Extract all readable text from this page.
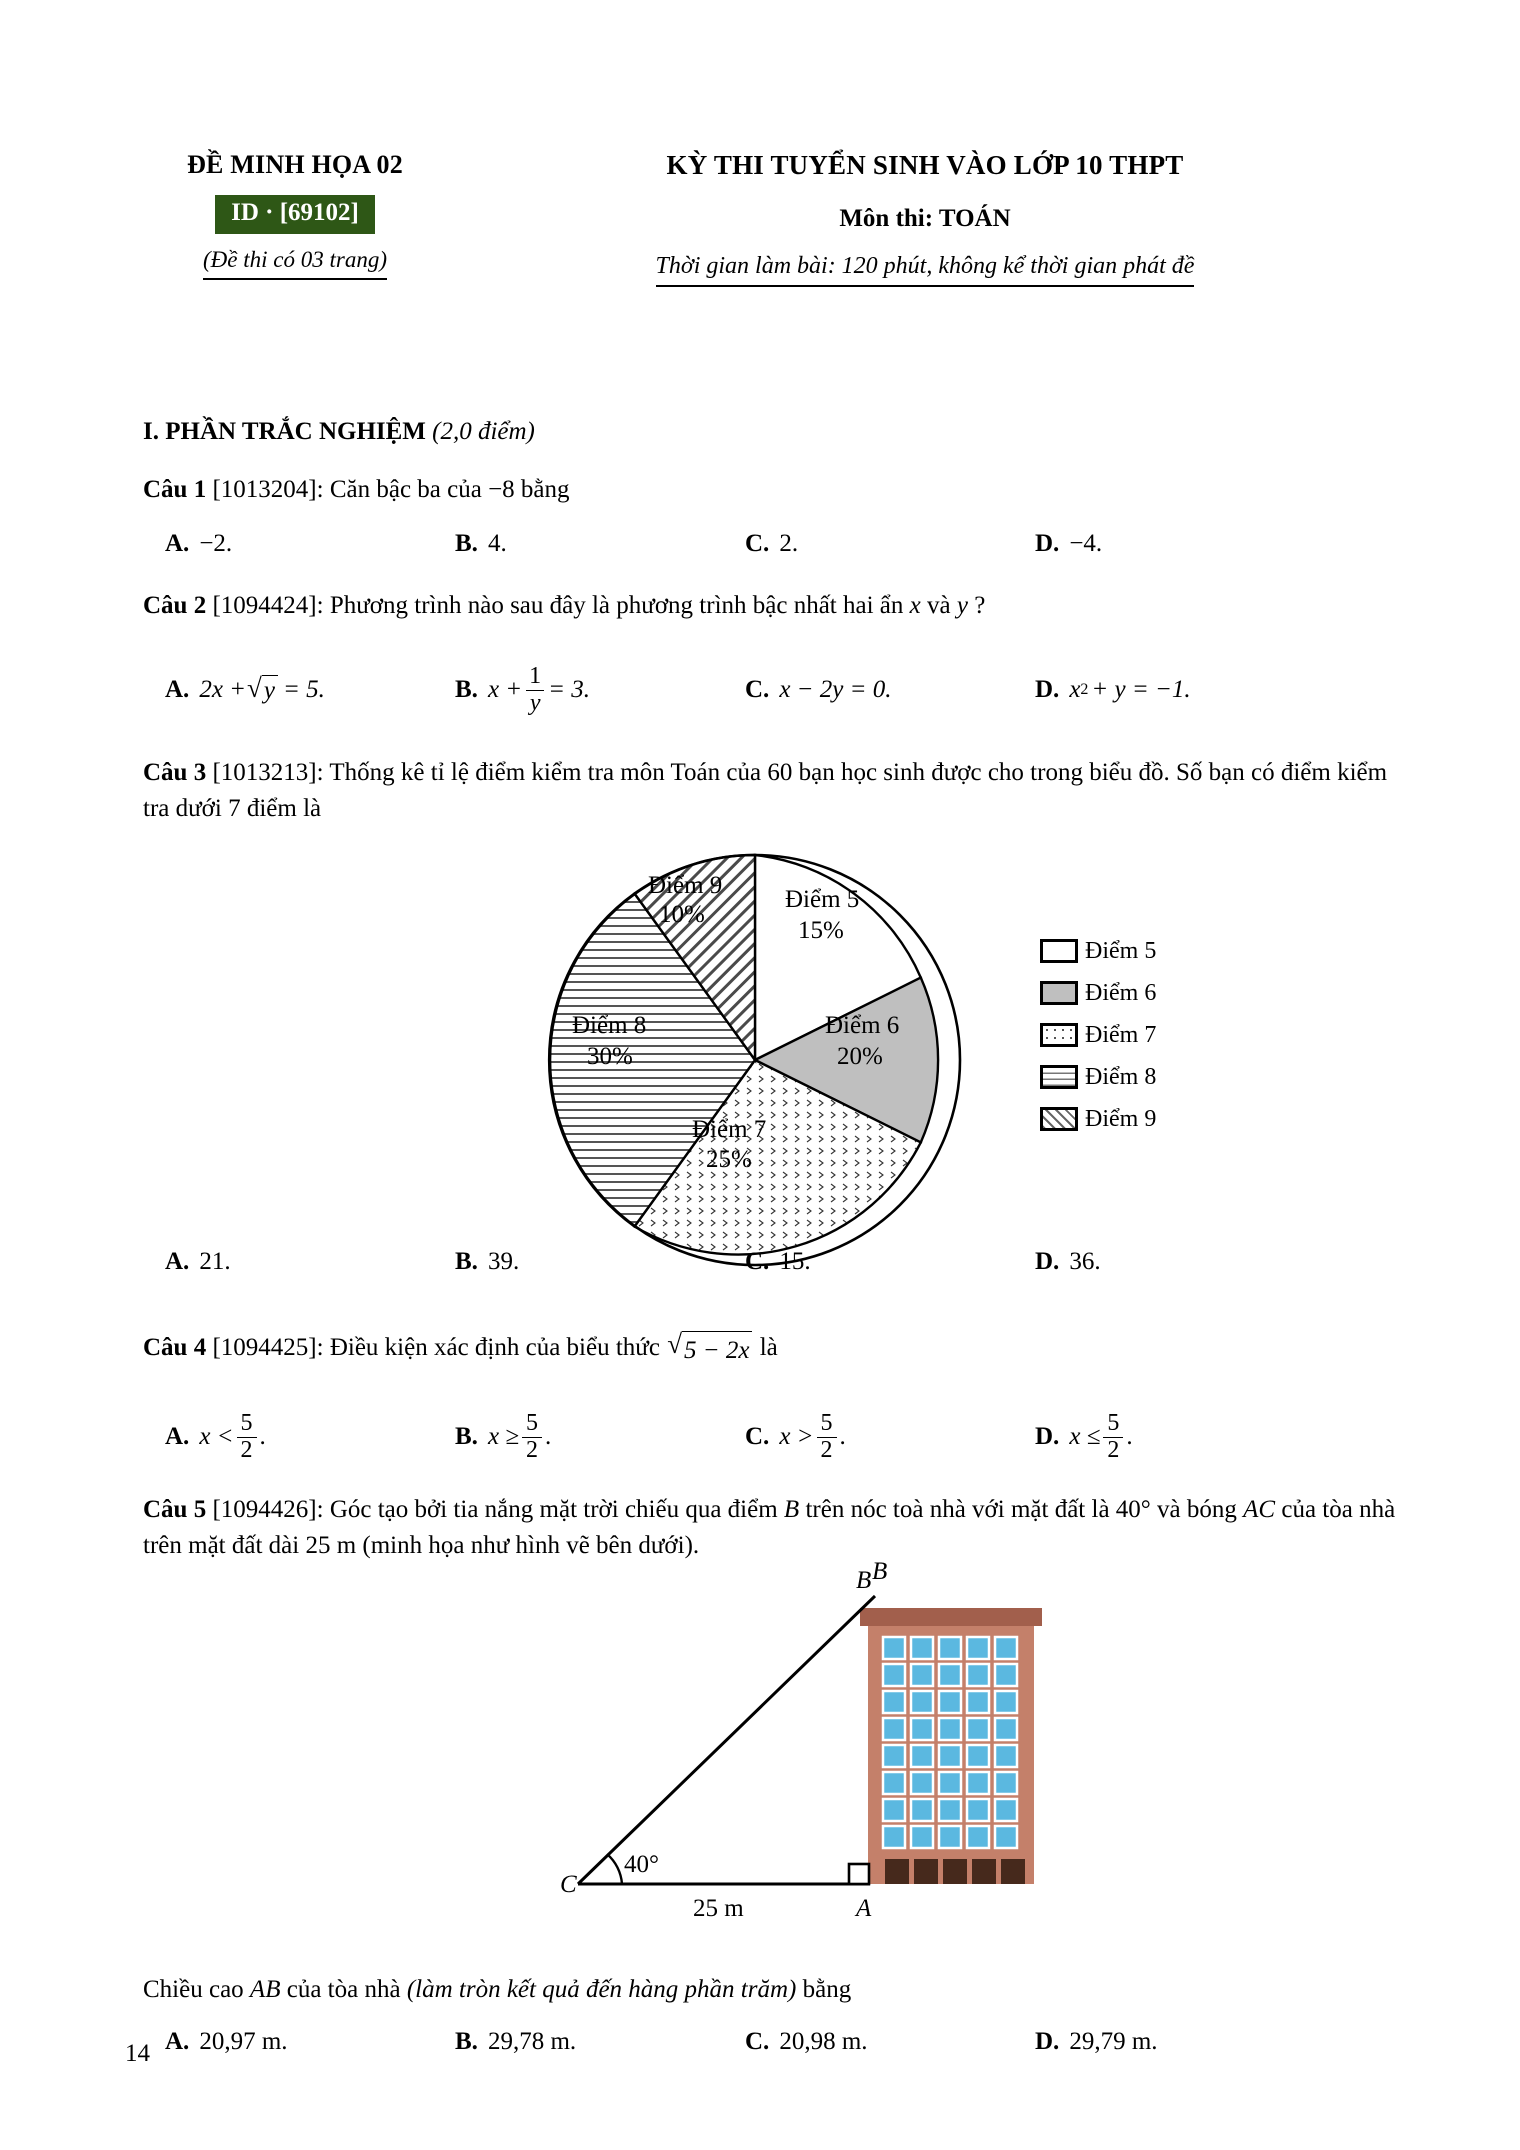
ĐỀ MINH HỌA 02
ID · [69102]
(Đề thi có 03 trang)
KỲ THI TUYỂN SINH VÀO LỚP 10 THPT
Môn thi: TOÁN
Thời gian làm bài: 120 phút, không kể thời gian phát đề
I. PHẦN TRẮC NGHIỆM (2,0 điểm)
Câu 1 [1013204]: Căn bậc ba của −8 bằng
A. −2.	B. 4.	C. 2.	D. −4.
Câu 2 [1094424]: Phương trình nào sau đây là phương trình bậc nhất hai ẩn x và y ?
A. 2x + √ y = 5.	B. $x + \frac{1}{y} = 3$.	C. x − 2y = 0.	D. x 2 + y = −1.
Câu 3 [1013213]: Thống kê tỉ lệ điểm kiểm tra môn Toán của 60 bạn học sinh được cho trong biểu đồ. Số bạn có điểm kiểm tra dưới 7 điểm là
Điểm 5
15%
Điểm 6
20%
Điểm 7
25%
Điểm 8
30%
Điểm 9
10%
Điểm 5
Điểm 6
Điểm 7
Điểm 8
Điểm 9
A. 21.	B. 39.	C. 15.	D. 36.
Câu 4 [1094425]: Điều kiện xác định của biểu thức √ 5 − 2x là
A. $x < \frac{5}{2}$ .	B. $x \ge \frac{5}{2}$ .	C. $x > \frac{5}{2}$ .	D. $x \le \frac{5}{2}$ .
Câu 5 [1094426]: Góc tạo bởi tia nắng mặt trời chiếu qua điểm B trên nóc toà nhà với mặt đất là 40° và bóng AC của tòa nhà trên mặt đất dài 25 m (minh họa như hình vẽ bên dưới).
B
C
A
40°
25 m
B
Chiều cao AB của tòa nhà (làm tròn kết quả đến hàng phần trăm) bằng
A. 20,97 m.	B. 29,78 m.	C. 20,98 m.	D. 29,79 m.
14
